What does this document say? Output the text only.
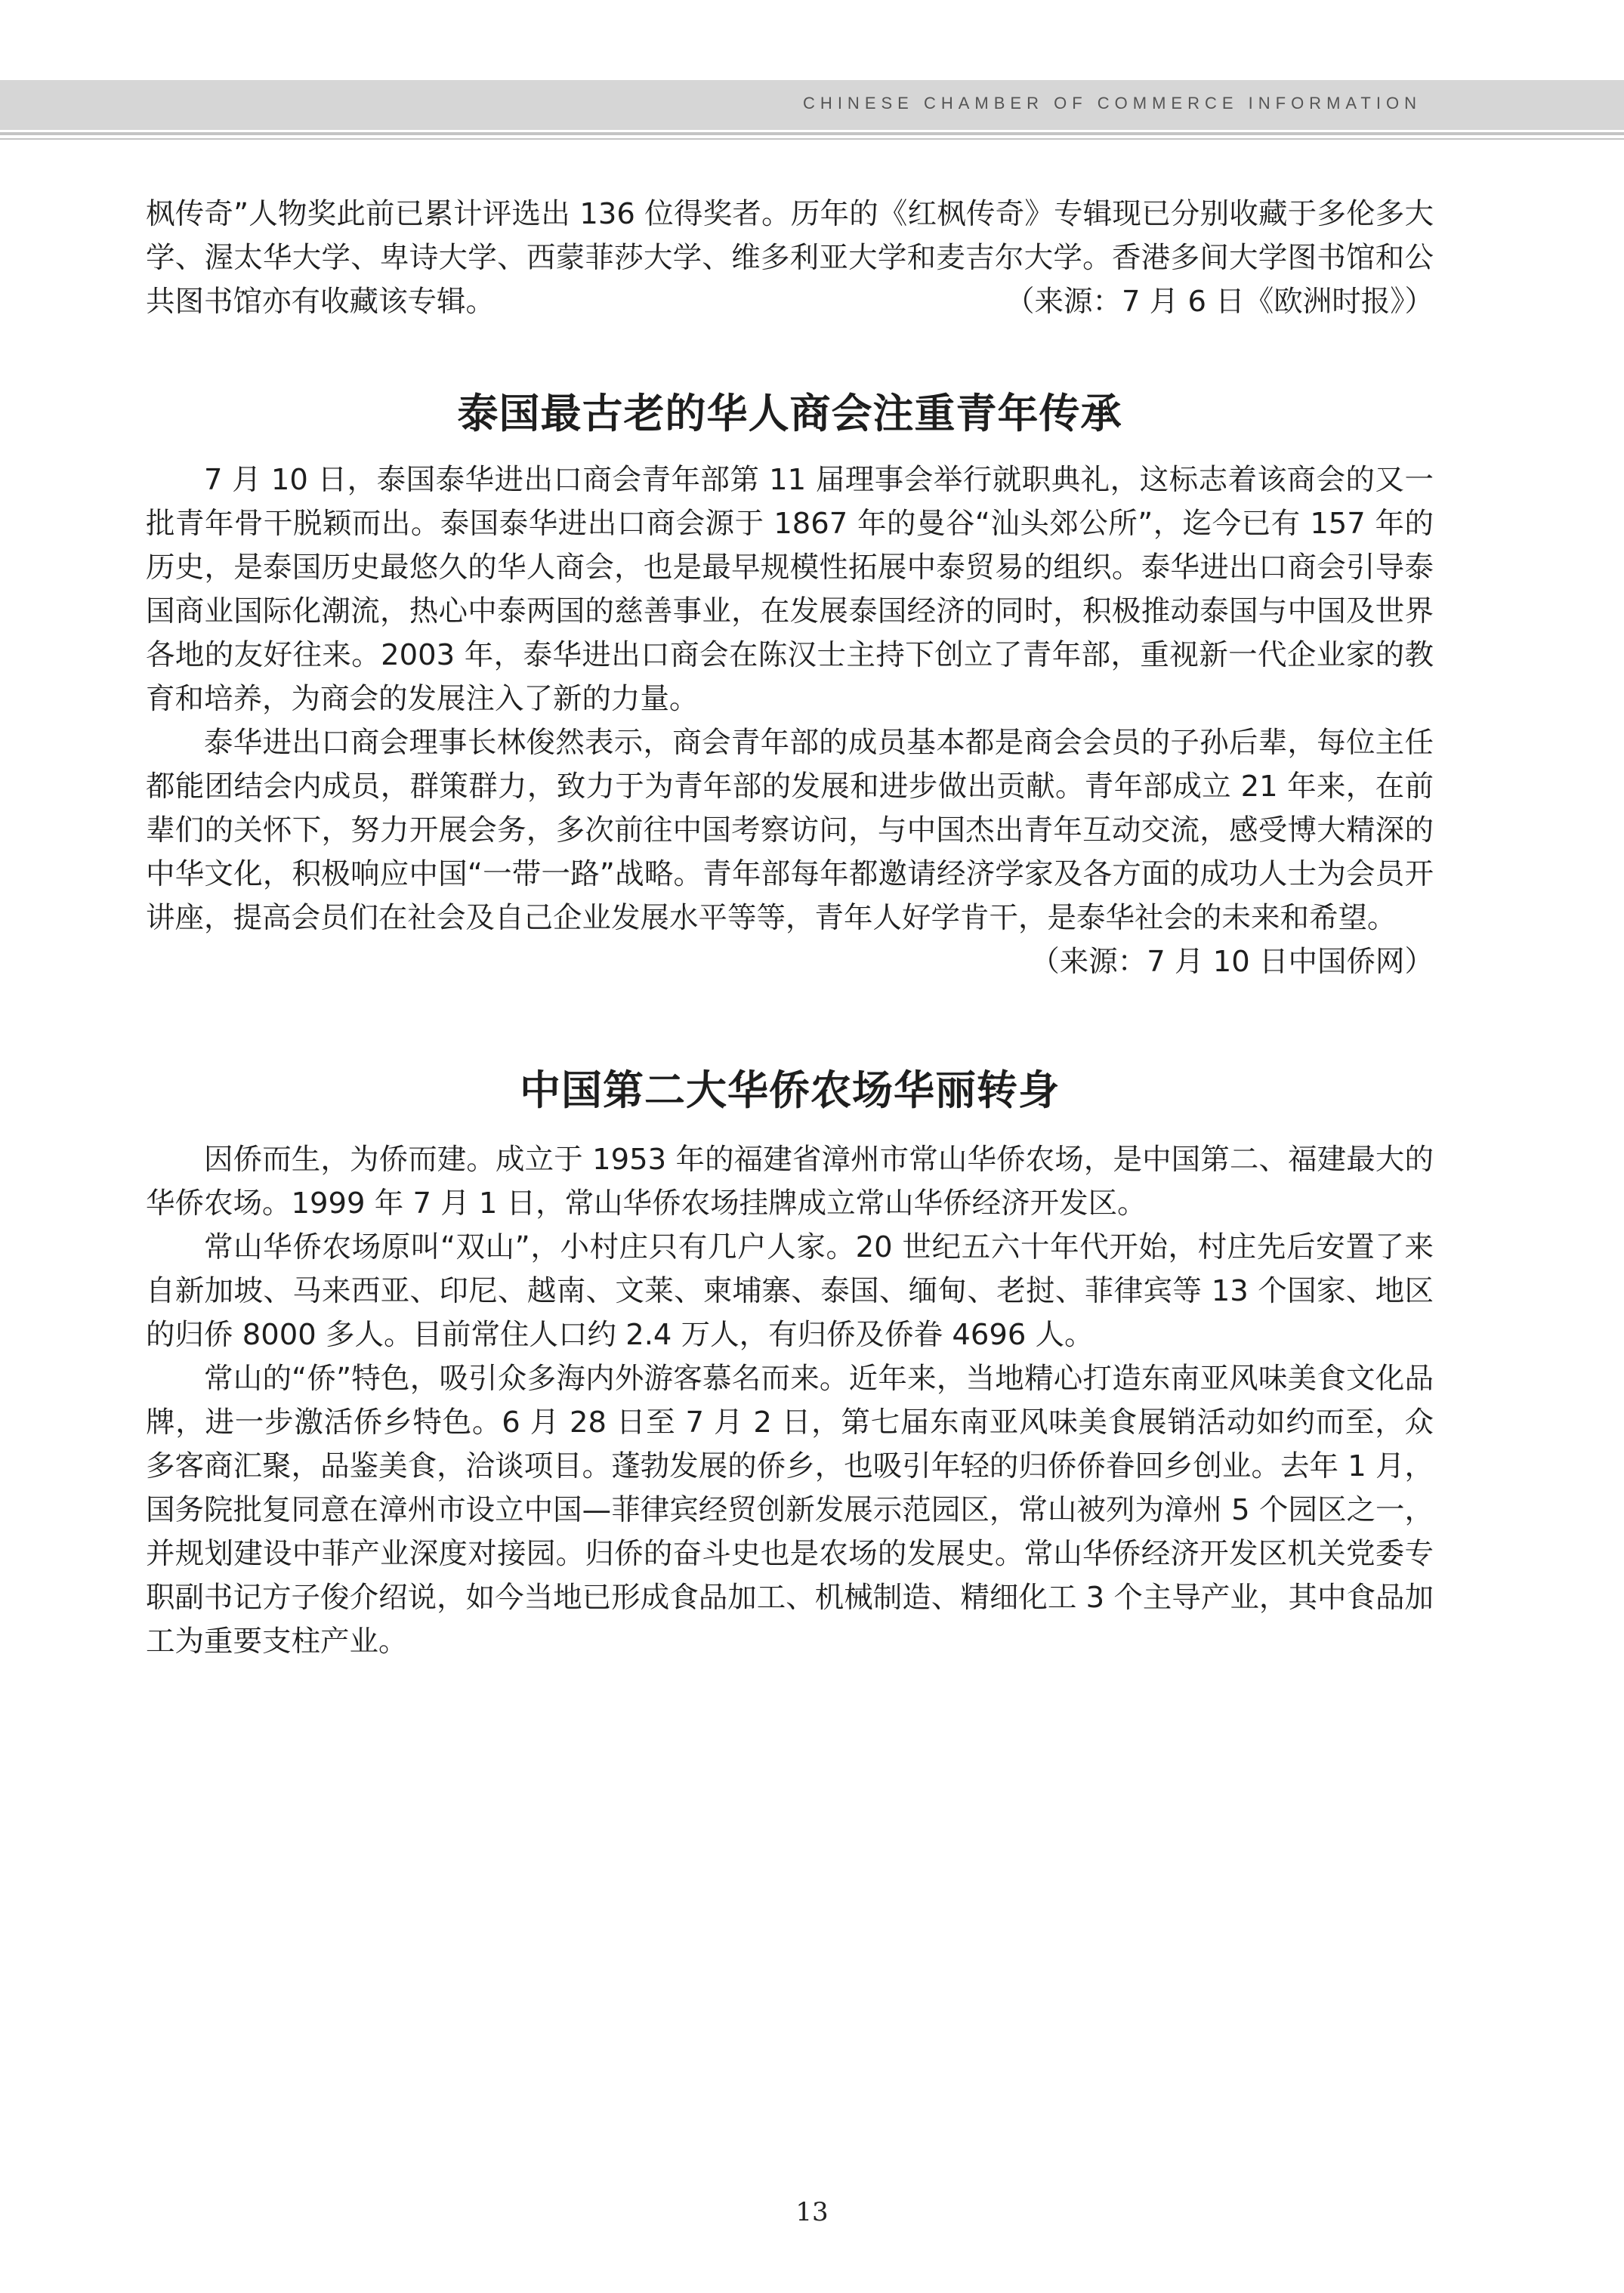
CHINESE CHAMBER OF COMMERCE INFORMATION

枫传奇”人物奖此前已累计评选出 136 位得奖者。历年的《红枫传奇》专辑现已分别收藏于多伦多大学、渥太华大学、卑诗大学、西蒙菲莎大学、维多利亚大学和麦吉尔大学。香港多间大学图书馆和公共图书馆亦有收藏该专辑。	（来源：7 月 6 日《欧洲时报》）

泰国最古老的华人商会注重青年传承

7 月 10 日，泰国泰华进出口商会青年部第 11 届理事会举行就职典礼，这标志着该商会的又一批青年骨干脱颖而出。泰国泰华进出口商会源于 1867 年的曼谷“汕头郊公所”，迄今已有 157 年的历史，是泰国历史最悠久的华人商会，也是最早规模性拓展中泰贸易的组织。泰华进出口商会引导泰国商业国际化潮流，热心中泰两国的慈善事业，在发展泰国经济的同时，积极推动泰国与中国及世界各地的友好往来。2003 年，泰华进出口商会在陈汉士主持下创立了青年部，重视新一代企业家的教育和培养，为商会的发展注入了新的力量。

泰华进出口商会理事长林俊然表示，商会青年部的成员基本都是商会会员的子孙后辈，每位主任都能团结会内成员，群策群力，致力于为青年部的发展和进步做出贡献。青年部成立 21 年来，在前辈们的关怀下，努力开展会务，多次前往中国考察访问，与中国杰出青年互动交流，感受博大精深的中华文化，积极响应中国“一带一路”战略。青年部每年都邀请经济学家及各方面的成功人士为会员开讲座，提高会员们在社会及自己企业发展水平等等，青年人好学肯干，是泰华社会的未来和希望。
（来源：7 月 10 日中国侨网）

中国第二大华侨农场华丽转身

因侨而生，为侨而建。成立于 1953 年的福建省漳州市常山华侨农场，是中国第二、福建最大的华侨农场。1999 年 7 月 1 日，常山华侨农场挂牌成立常山华侨经济开发区。

常山华侨农场原叫“双山”，小村庄只有几户人家。20 世纪五六十年代开始，村庄先后安置了来自新加坡、马来西亚、印尼、越南、文莱、柬埔寨、泰国、缅甸、老挝、菲律宾等 13 个国家、地区的归侨 8000 多人。目前常住人口约 2.4 万人，有归侨及侨眷 4696 人。

常山的“侨”特色，吸引众多海内外游客慕名而来。近年来，当地精心打造东南亚风味美食文化品牌，进一步激活侨乡特色。6 月 28 日至 7 月 2 日，第七届东南亚风味美食展销活动如约而至，众多客商汇聚，品鉴美食，洽谈项目。蓬勃发展的侨乡，也吸引年轻的归侨侨眷回乡创业。去年 1 月，国务院批复同意在漳州市设立中国—菲律宾经贸创新发展示范园区，常山被列为漳州 5 个园区之一，并规划建设中菲产业深度对接园。归侨的奋斗史也是农场的发展史。常山华侨经济开发区机关党委专职副书记方子俊介绍说，如今当地已形成食品加工、机械制造、精细化工 3 个主导产业，其中食品加工为重要支柱产业。

13
